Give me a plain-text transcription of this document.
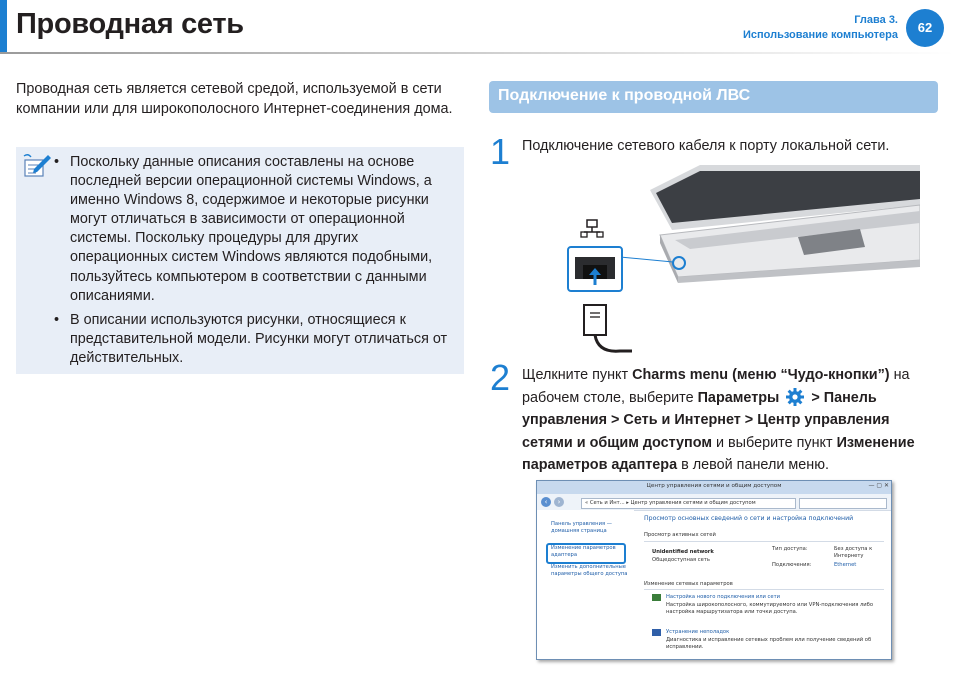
Проводная сеть	Глава 3.
Использование компьютера	62
Проводная сеть является сетевой средой, используемой в сети компании или для широкополосного Интернет-соединения дома.
• Поскольку данные описания составлены на основе последней версии операционной системы Windows, а именно Windows 8, содержимое и некоторые рисунки могут отличаться в зависимости от операционной системы. Поскольку процедуры для других операционных систем Windows являются подобными, пользуйтесь компьютером в соответствии с данными описаниями.
• В описании используются рисунки, относящиеся к представительной модели. Рисунки могут отличаться от действительных.
Подключение к проводной ЛВС
1 Подключение сетевого кабеля к порту локальной сети.
2 Щелкните пункт Charms menu (меню “Чудо-кнопки”) на рабочем столе, выберите Параметры  > Панель управления > Сеть и Интернет > Центр управления сетями и общим доступом и выберите пункт Изменение параметров адаптера в левой панели меню.
Центр управления сетями и общим доступом	— ▢ ✕
‹	›	« Сеть и Инт... ▸ Центр управления сетями и общим доступом
Панель управления — домашняя страница
Изменение параметров адаптера
Изменить дополнительные параметры общего доступа
Просмотр основных сведений о сети и настройка подключений
Просмотр активных сетей
Unidentified network
Общедоступная сеть
Тип доступа:	Без доступа к Интернету
Подключения:	Ethernet
Изменение сетевых параметров
Настройка нового подключения или сети
Настройка широкополосного, коммутируемого или VPN-подключения либо настройка маршрутизатора или точки доступа.
Устранение неполадок
Диагностика и исправление сетевых проблем или получение сведений об исправлении.
